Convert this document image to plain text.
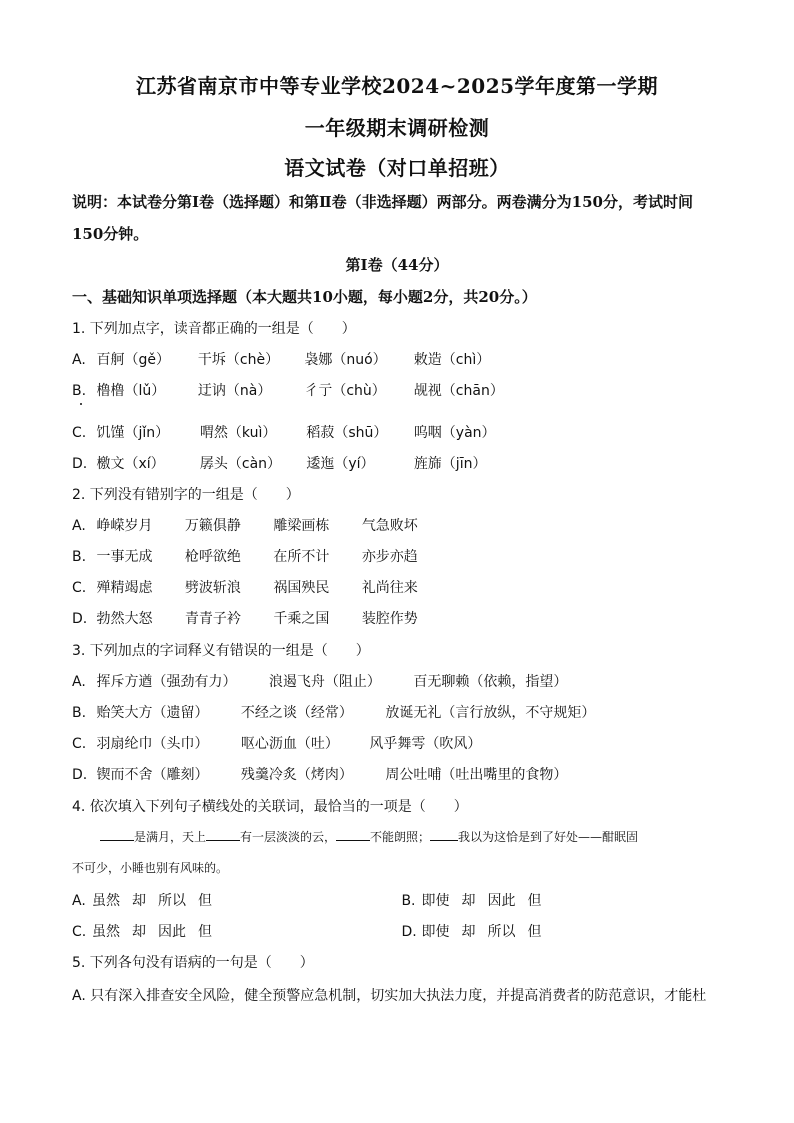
江苏省南京市中等专业学校2024~2025学年度第一学期
一年级期末调研检测
语文试卷（对口单招班）
说明：本试卷分第Ⅰ卷（选择题）和第Ⅱ卷（非选择题）两部分。两卷满分为150分，考试时间150分钟。
第Ⅰ卷（44分）
一、基础知识单项选择题（本大题共10小题，每小题2分，共20分。）
1. 下列加点字，读音都正确的一组是（　　）
A. 百舸（gě） 干坼（chè） 袅娜（nuó） 敕造（chì）
B. 橹橹（lǔ） 迂讷（nà） 彳亍（chù） 觇视（chān）
C. 饥馑（jǐn） 喟然（kuì） 稻菽（shū） 呜咽（yàn）
D. 檄文（xí）	孱头（càn） 逶迤（yí）	旌旆（jīn）
2. 下列没有错别字的一组是（　　）
A. 峥嵘岁月 万籁俱静 雕梁画栋 气急败坏
B. 一事无成 枪呼欲绝 在所不计 亦步亦趋
C. 殚精竭虑 劈波斩浪 祸国殃民 礼尚往来
D. 勃然大怒 青青子衿 千乘之国 装腔作势
3. 下列加点的字词释义有错误的一组是（　　）
A. 挥斥方遒（强劲有力） 浪遏飞舟（阻止） 百无聊赖（依赖，指望）
B. 贻笑大方（遗留） 不经之谈（经常） 放诞无礼（言行放纵，不守规矩）
C. 羽扇纶巾（头巾） 呕心沥血（吐） 风乎舞雩（吹风）
D. 锲而不舍（雕刻） 残羹冷炙（烤肉） 周公吐哺（吐出嘴里的食物）
4. 依次填入下列句子横线处的关联词，最恰当的一项是（　　）
是满月，天上	有一层淡淡的云，	不能朗照； 我以为这恰是到了好处——酣眠固
不可少，小睡也别有风味的。
A. 虽然 却 所以 但	B. 即使 却 因此 但
C. 虽然 却 因此 但	D. 即使 却 所以 但
5. 下列各句没有语病的一句是（　　）
A. 只有深入排查安全风险，健全预警应急机制，切实加大执法力度，并提高消费者的防范意识，才能杜
